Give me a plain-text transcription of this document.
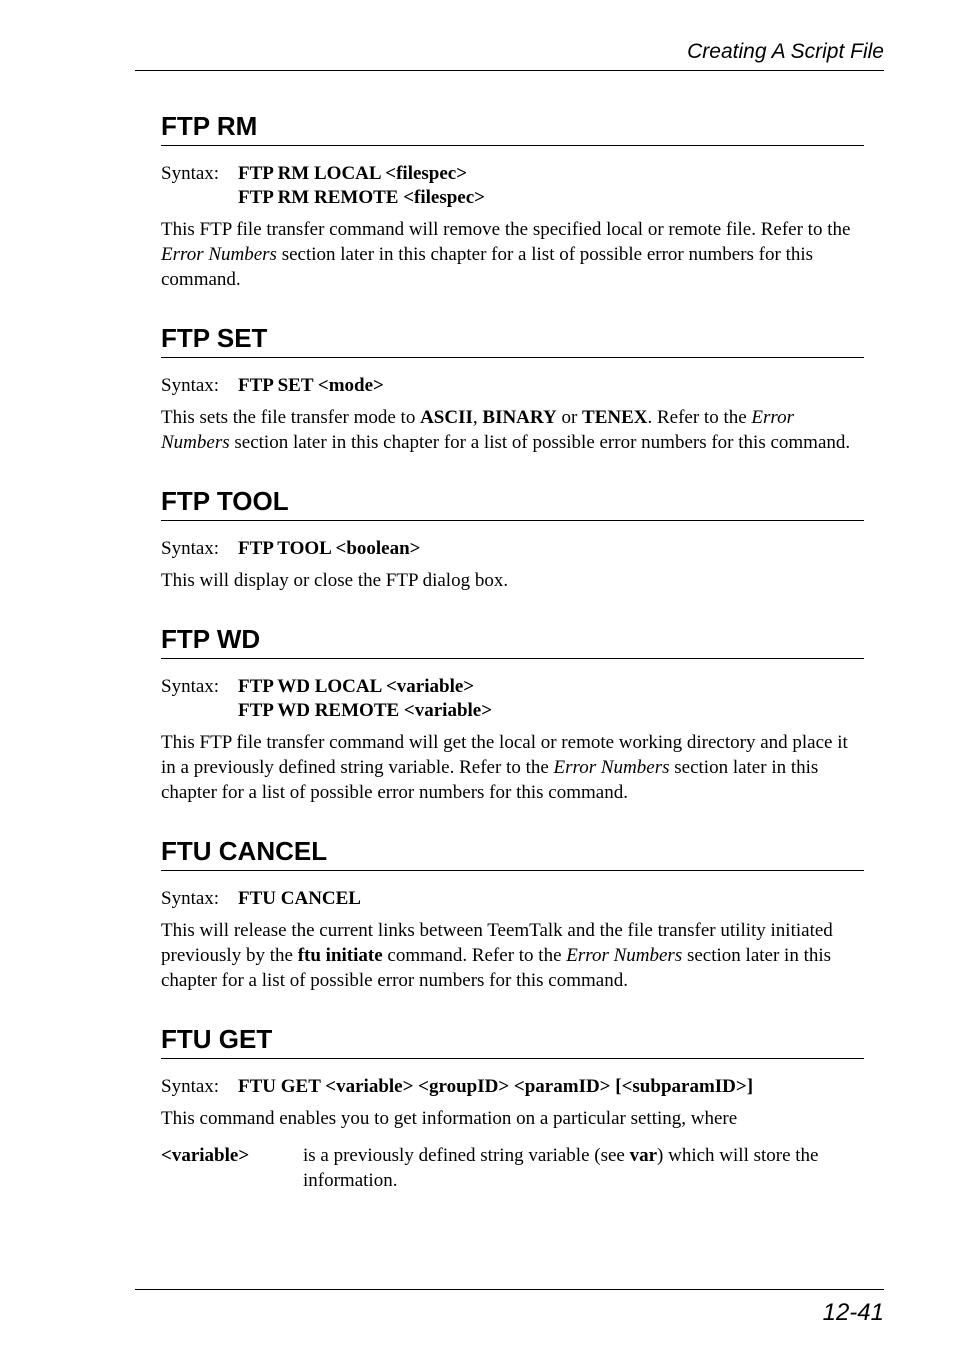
Creating A Script File
FTP RM
Syntax: FTP RM LOCAL <filespec>
FTP RM REMOTE <filespec>

This FTP file transfer command will remove the specified local or remote file. Refer to the Error Numbers section later in this chapter for a list of possible error numbers for this command.

FTP SET
Syntax: FTP SET <mode>

This sets the file transfer mode to ASCII, BINARY or TENEX. Refer to the Error Numbers section later in this chapter for a list of possible error numbers for this command.

FTP TOOL
Syntax: FTP TOOL <boolean>

This will display or close the FTP dialog box.

FTP WD
Syntax: FTP WD LOCAL <variable>
FTP WD REMOTE <variable>

This FTP file transfer command will get the local or remote working directory and place it in a previously defined string variable. Refer to the Error Numbers section later in this chapter for a list of possible error numbers for this command.

FTU CANCEL
Syntax: FTU CANCEL

This will release the current links between TeemTalk and the file transfer utility initiated previously by the ftu initiate command. Refer to the Error Numbers section later in this chapter for a list of possible error numbers for this command.

FTU GET
Syntax: FTU GET <variable> <groupID> <paramID> [<subparamID>]

This command enables you to get information on a particular setting, where

<variable>	is a previously defined string variable (see var) which will store the information.
12-41
